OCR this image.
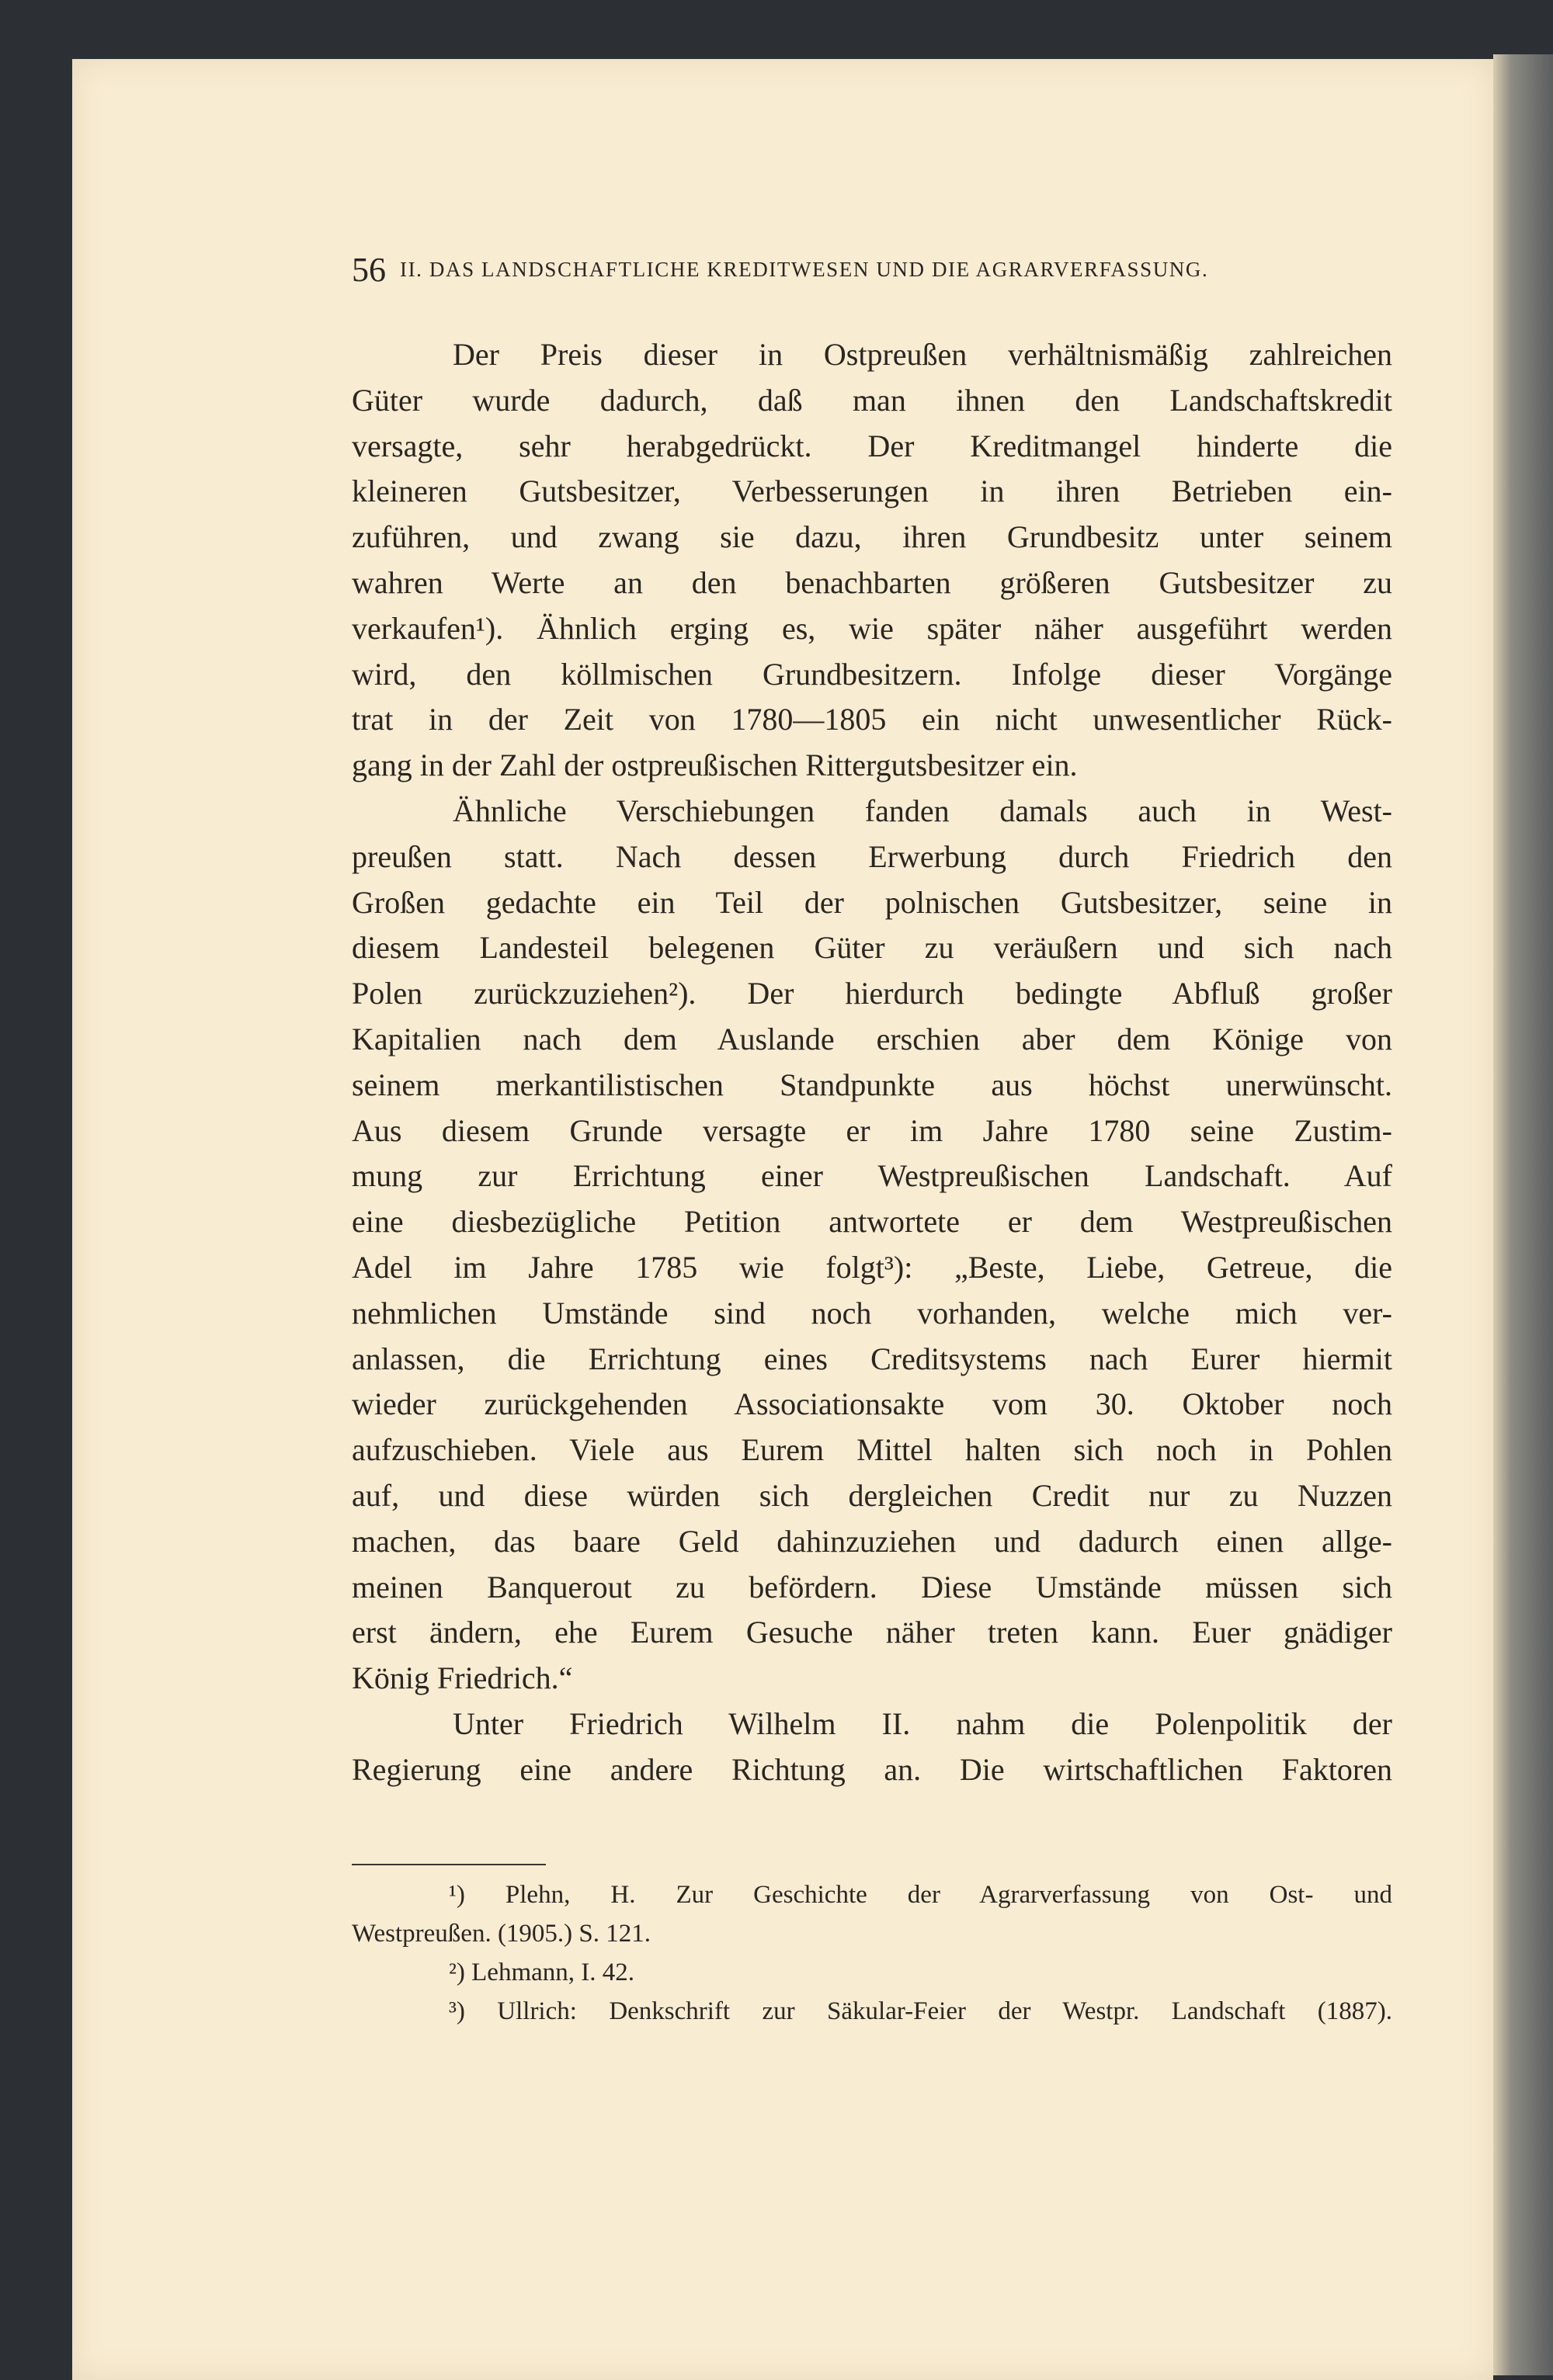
56 II. DAS LANDSCHAFTLICHE KREDITWESEN UND DIE AGRARVERFASSUNG.
Der Preis dieser in Ostpreußen verhältnismäßig zahlreichen
Güter wurde dadurch, daß man ihnen den Landschaftskredit
versagte, sehr herabgedrückt. Der Kreditmangel hinderte die
kleineren Gutsbesitzer, Verbesserungen in ihren Betrieben ein-
zuführen, und zwang sie dazu, ihren Grundbesitz unter seinem
wahren Werte an den benachbarten größeren Gutsbesitzer zu
verkaufen¹). Ähnlich erging es, wie später näher ausgeführt werden
wird, den köllmischen Grundbesitzern. Infolge dieser Vorgänge
trat in der Zeit von 1780—1805 ein nicht unwesentlicher Rück-
gang in der Zahl der ostpreußischen Rittergutsbesitzer ein.
Ähnliche Verschiebungen fanden damals auch in West-
preußen statt. Nach dessen Erwerbung durch Friedrich den
Großen gedachte ein Teil der polnischen Gutsbesitzer, seine in
diesem Landesteil belegenen Güter zu veräußern und sich nach
Polen zurückzuziehen²). Der hierdurch bedingte Abfluß großer
Kapitalien nach dem Auslande erschien aber dem Könige von
seinem merkantilistischen Standpunkte aus höchst unerwünscht.
Aus diesem Grunde versagte er im Jahre 1780 seine Zustim-
mung zur Errichtung einer Westpreußischen Landschaft. Auf
eine diesbezügliche Petition antwortete er dem Westpreußischen
Adel im Jahre 1785 wie folgt³): „Beste, Liebe, Getreue, die
nehmlichen Umstände sind noch vorhanden, welche mich ver-
anlassen, die Errichtung eines Creditsystems nach Eurer hiermit
wieder zurückgehenden Associationsakte vom 30. Oktober noch
aufzuschieben. Viele aus Eurem Mittel halten sich noch in Pohlen
auf, und diese würden sich dergleichen Credit nur zu Nuzzen
machen, das baare Geld dahinzuziehen und dadurch einen allge-
meinen Banquerout zu befördern. Diese Umstände müssen sich
erst ändern, ehe Eurem Gesuche näher treten kann. Euer gnädiger
König Friedrich.“
Unter Friedrich Wilhelm II. nahm die Polenpolitik der
Regierung eine andere Richtung an. Die wirtschaftlichen Faktoren
¹) Plehn, H. Zur Geschichte der Agrarverfassung von Ost- und
Westpreußen. (1905.) S. 121.
²) Lehmann, I. 42.
³) Ullrich: Denkschrift zur Säkular-Feier der Westpr. Landschaft (1887).
